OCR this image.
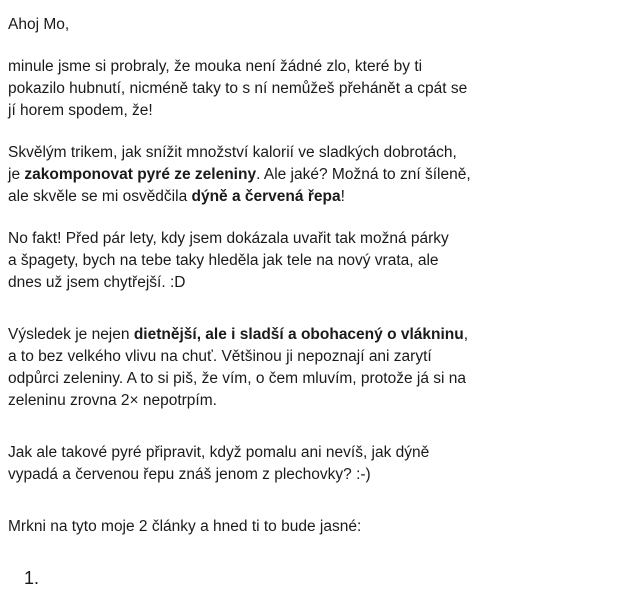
Ahoj Mo,
minule jsme si probraly, že mouka není žádné zlo, které by ti
pokazilo hubnutí, nicméně taky to s ní nemůžeš přehánět a cpát se
jí horem spodem, že!
Skvělým trikem, jak snížit množství kalorií ve sladkých dobrotách,
je zakomponovat pyré ze zeleniny. Ale jaké? Možná to zní šíleně,
ale skvěle se mi osvědčila dýně a červená řepa!
No fakt! Před pár lety, kdy jsem dokázala uvařit tak možná párky
a špagety, bych na tebe taky hleděla jak tele na nový vrata, ale
dnes už jsem chytřejší. :D
Výsledek je nejen dietnější, ale i sladší a obohacený o vlákninu,
a to bez velkého vlivu na chuť. Většinou ji nepoznají ani zarytí
odpůrci zeleniny. A to si piš, že vím, o čem mluvím, protože já si na
zeleninu zrovna 2× nepotrpím.
Jak ale takové pyré připravit, když pomalu ani nevíš, jak dýně
vypadá a červenou řepu znáš jenom z plechovky? :-)
Mrkni na tyto moje 2 články a hned ti to bude jasné:
1.
